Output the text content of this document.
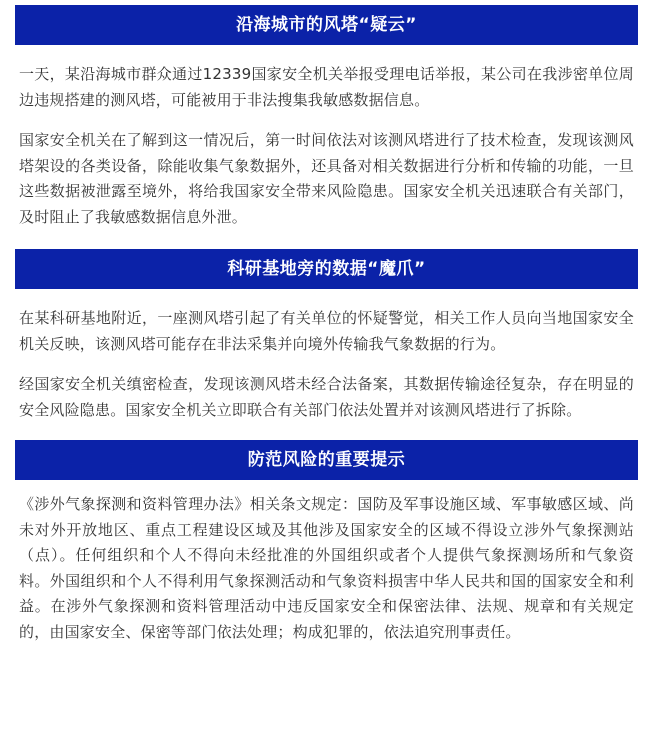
沿海城市的风塔“疑云”

一天，某沿海城市群众通过12339国家安全机关举报受理电话举报，某公司在我涉密单位周边违规搭建的测风塔，可能被用于非法搜集我敏感数据信息。

国家安全机关在了解到这一情况后，第一时间依法对该测风塔进行了技术检查，发现该测风塔架设的各类设备，除能收集气象数据外，还具备对相关数据进行分析和传输的功能，一旦这些数据被泄露至境外，将给我国家安全带来风险隐患。国家安全机关迅速联合有关部门，及时阻止了我敏感数据信息外泄。

科研基地旁的数据“魔爪”

在某科研基地附近，一座测风塔引起了有关单位的怀疑警觉，相关工作人员向当地国家安全机关反映，该测风塔可能存在非法采集并向境外传输我气象数据的行为。

经国家安全机关缜密检查，发现该测风塔未经合法备案，其数据传输途径复杂，存在明显的安全风险隐患。国家安全机关立即联合有关部门依法处置并对该测风塔进行了拆除。

防范风险的重要提示

《涉外气象探测和资料管理办法》相关条文规定：国防及军事设施区域、军事敏感区域、尚未对外开放地区、重点工程建设区域及其他涉及国家安全的区域不得设立涉外气象探测站（点）。任何组织和个人不得向未经批准的外国组织或者个人提供气象探测场所和气象资料。外国组织和个人不得利用气象探测活动和气象资料损害中华人民共和国的国家安全和利益。在涉外气象探测和资料管理活动中违反国家安全和保密法律、法规、规章和有关规定的，由国家安全、保密等部门依法处理；构成犯罪的，依法追究刑事责任。
